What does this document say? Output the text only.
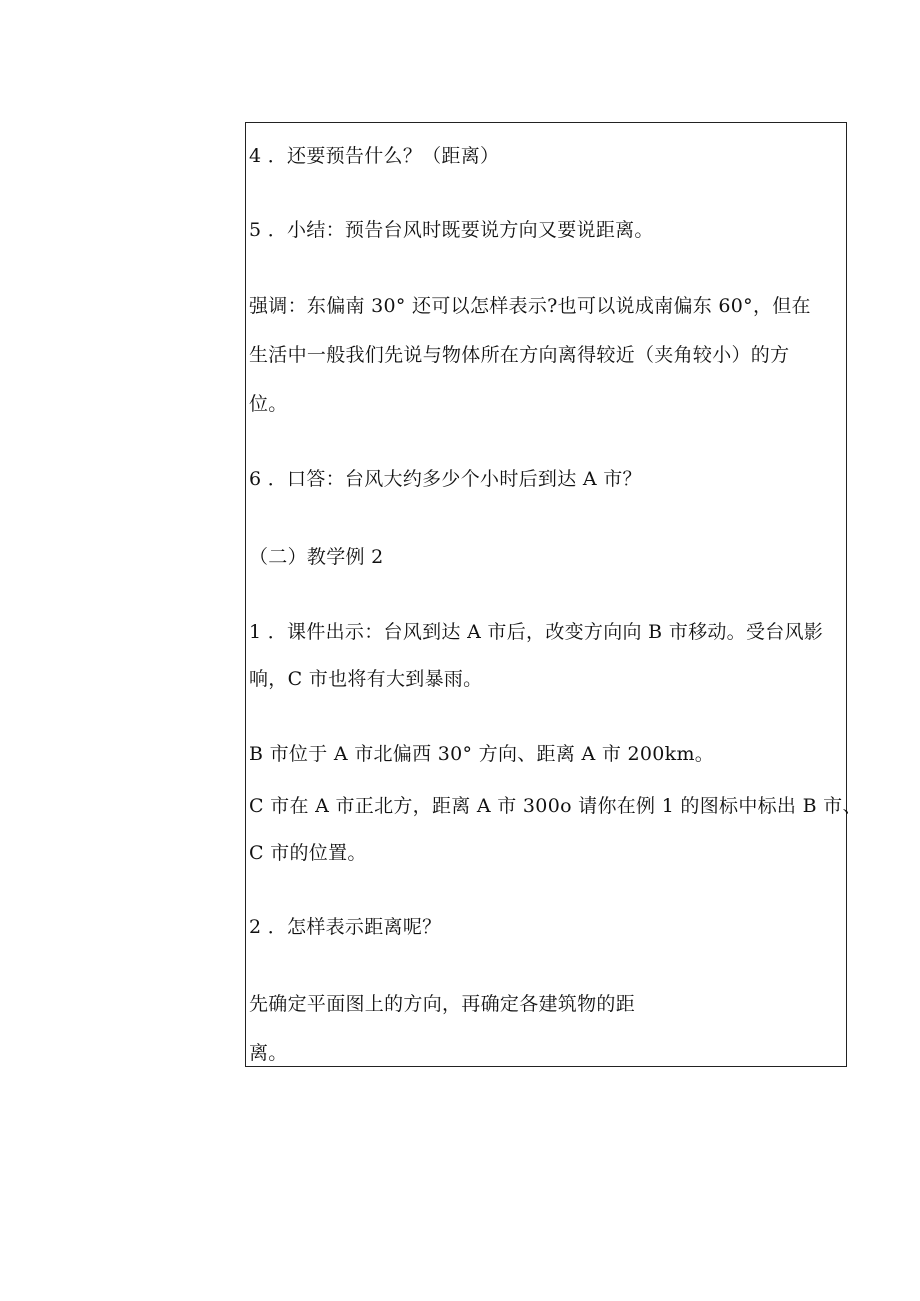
4 ．还要预告什么？（距离）
5 ．小结：预告台风时既要说方向又要说距离。
强调：东偏南 30° 还可以怎样表示?也可以说成南偏东 60°，但在
生活中一般我们先说与物体所在方向离得较近（夹角较小）的方
位。
6 ．口答：台风大约多少个小时后到达 A 市？
（二）教学例 2
1 ．课件出示：台风到达 A 市后，改变方向向 B 市移动。受台风影
响，C 市也将有大到暴雨。
B 市位于 A 市北偏西 30° 方向、距离 A 市 200km。
C 市在 A 市正北方，距离 A 市 300o 请你在例 1 的图标中标出 B 市、
C 市的位置。
2 ．怎样表示距离呢？
先确定平面图上的方向，再确定各建筑物的距
离。
